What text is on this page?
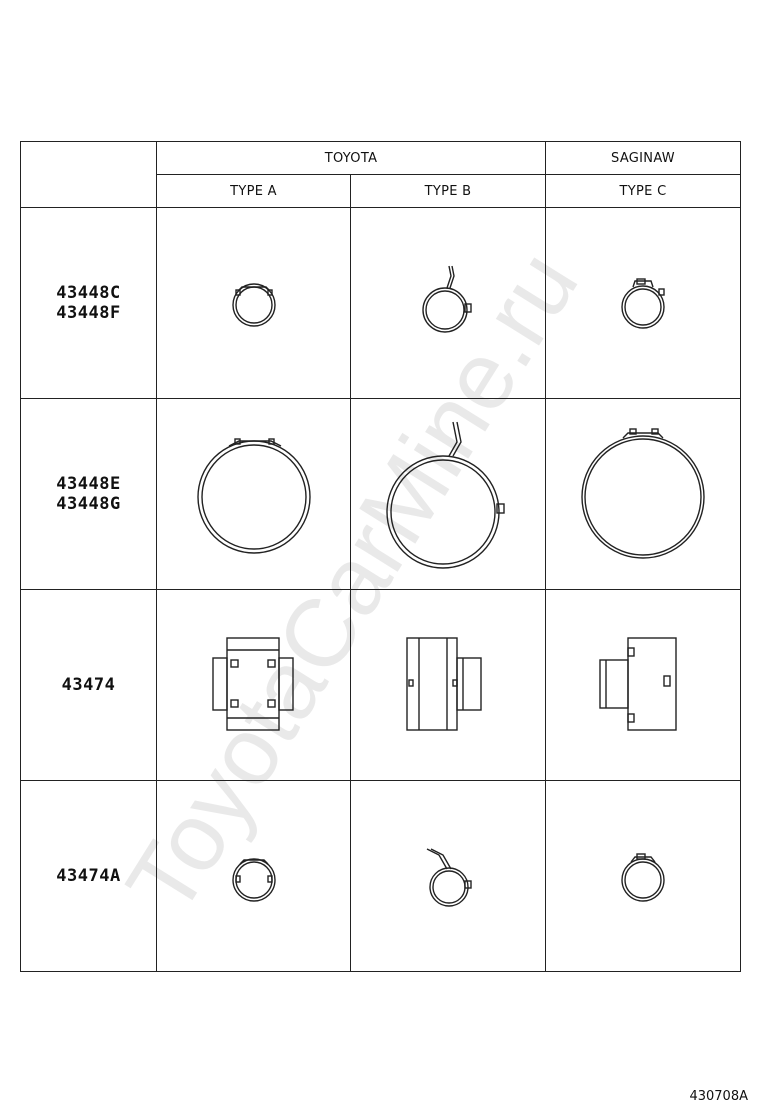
ToyotaCarMine.ru
	TOYOTA		SAGINAW
	TYPE A	TYPE B	TYPE C

43448C
43448F

43448E
43448G

43474

43474A

430708A
